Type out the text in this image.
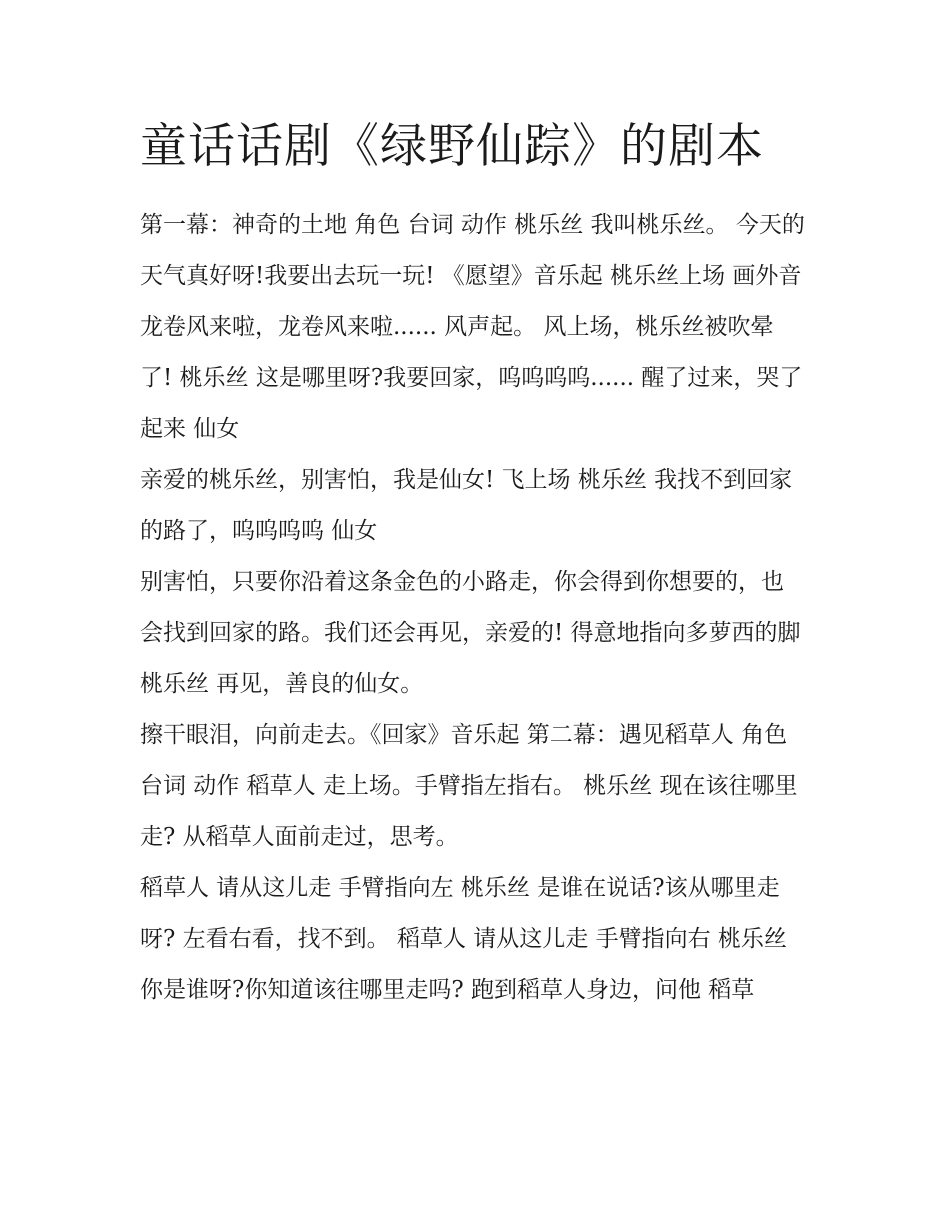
童话话剧《绿野仙踪》的剧本

第一幕：神奇的土地 角色 台词 动作 桃乐丝 我叫桃乐丝。 今天的天气真好呀!我要出去玩一玩! 《愿望》音乐起 桃乐丝上场 画外音

龙卷风来啦，龙卷风来啦...... 风声起。 风上场，桃乐丝被吹晕了! 桃乐丝 这是哪里呀?我要回家，呜呜呜呜...... 醒了过来，哭了起来 仙女

亲爱的桃乐丝，别害怕，我是仙女! 飞上场 桃乐丝 我找不到回家的路了，呜呜呜呜 仙女

别害怕，只要你沿着这条金色的小路走，你会得到你想要的，也会找到回家的路。我们还会再见，亲爱的! 得意地指向多萝西的脚 桃乐丝 再见，善良的仙女。

擦干眼泪，向前走去。《回家》音乐起 第二幕：遇见稻草人 角色 台词 动作 稻草人 走上场。手臂指左指右。 桃乐丝 现在该往哪里走? 从稻草人面前走过，思考。

稻草人 请从这儿走 手臂指向左 桃乐丝 是谁在说话?该从哪里走呀? 左看右看，找不到。 稻草人 请从这儿走 手臂指向右 桃乐丝

你是谁呀?你知道该往哪里走吗? 跑到稻草人身边，问他 稻草
